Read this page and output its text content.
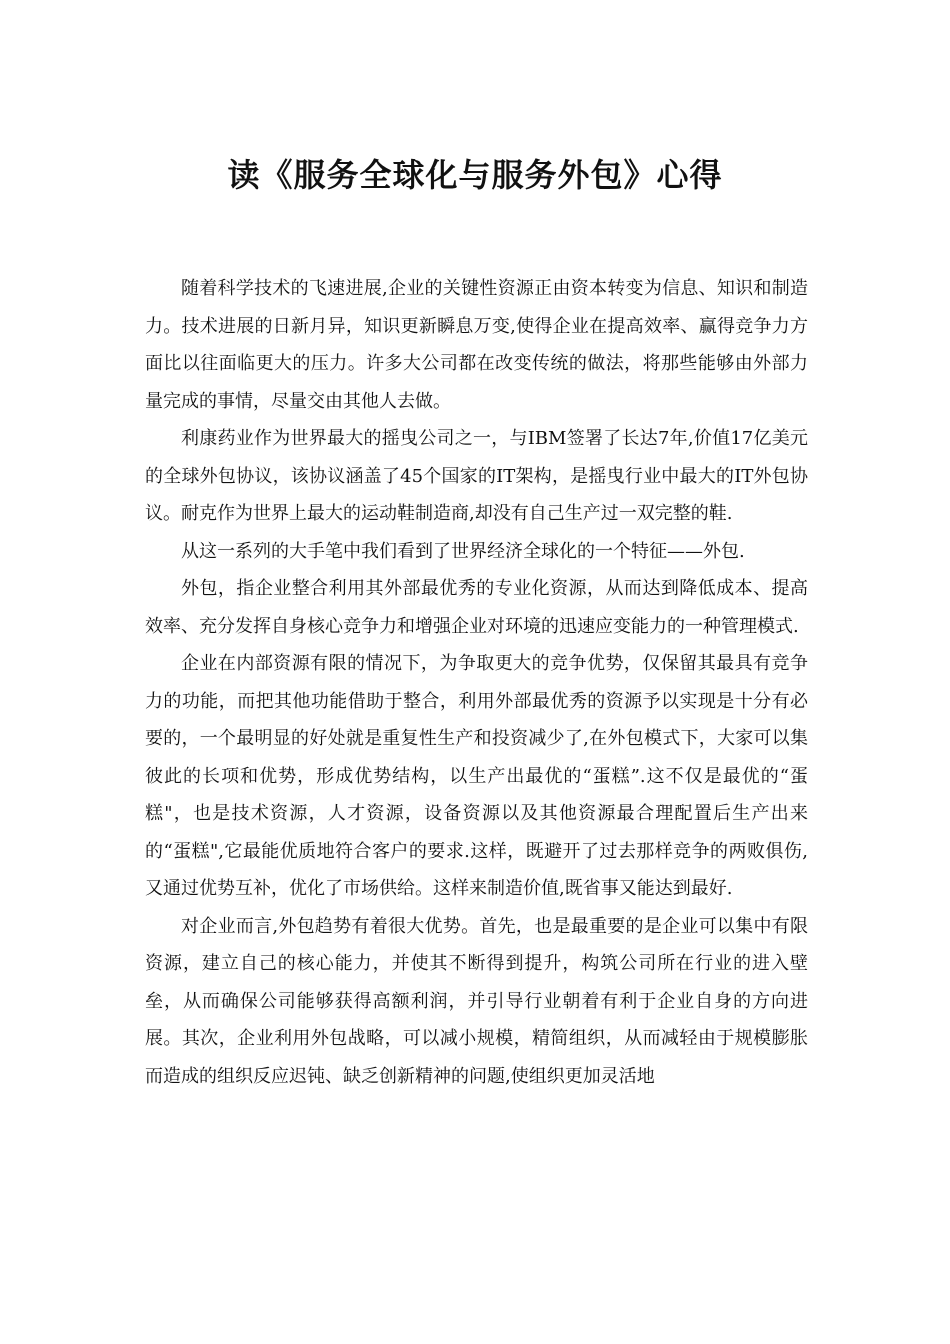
读《服务全球化与服务外包》心得

随着科学技术的飞速进展,企业的关键性资源正由资本转变为信息、知识和制造力。技术进展的日新月异，知识更新瞬息万变,使得企业在提高效率、赢得竞争力方面比以往面临更大的压力。许多大公司都在改变传统的做法，将那些能够由外部力量完成的事情，尽量交由其他人去做。

利康药业作为世界最大的摇曳公司之一，与IBM签署了长达7年,价值17亿美元的全球外包协议，该协议涵盖了45个国家的IT架构，是摇曳行业中最大的IT外包协议。耐克作为世界上最大的运动鞋制造商,却没有自己生产过一双完整的鞋.

从这一系列的大手笔中我们看到了世界经济全球化的一个特征——外包.

外包，指企业整合利用其外部最优秀的专业化资源，从而达到降低成本、提高效率、充分发挥自身核心竞争力和增强企业对环境的迅速应变能力的一种管理模式.

企业在内部资源有限的情况下，为争取更大的竞争优势，仅保留其最具有竞争力的功能，而把其他功能借助于整合，利用外部最优秀的资源予以实现是十分有必要的，一个最明显的好处就是重复性生产和投资减少了,在外包模式下，大家可以集彼此的长项和优势，形成优势结构，以生产出最优的“蛋糕”.这不仅是最优的“蛋糕"，也是技术资源，人才资源，设备资源以及其他资源最合理配置后生产出来的“蛋糕",它最能优质地符合客户的要求.这样，既避开了过去那样竞争的两败俱伤,又通过优势互补，优化了市场供给。这样来制造价值,既省事又能达到最好.

对企业而言,外包趋势有着很大优势。首先，也是最重要的是企业可以集中有限资源，建立自己的核心能力，并使其不断得到提升，构筑公司所在行业的进入壁垒，从而确保公司能够获得高额利润，并引导行业朝着有利于企业自身的方向进展。其次，企业利用外包战略，可以减小规模，精简组织，从而减轻由于规模膨胀而造成的组织反应迟钝、缺乏创新精神的问题,使组织更加灵活地
